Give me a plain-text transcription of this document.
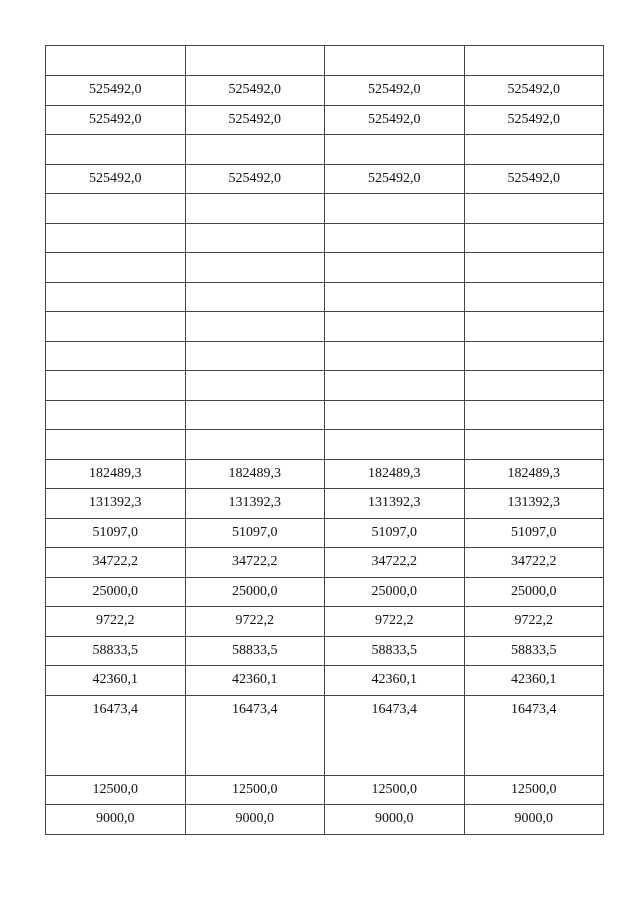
525492,0	525492,0	525492,0	525492,0
525492,0	525492,0	525492,0	525492,0

525492,0	525492,0	525492,0	525492,0

182489,3	182489,3	182489,3	182489,3
131392,3	131392,3	131392,3	131392,3
51097,0	51097,0	51097,0	51097,0
34722,2	34722,2	34722,2	34722,2
25000,0	25000,0	25000,0	25000,0
9722,2	9722,2	9722,2	9722,2
58833,5	58833,5	58833,5	58833,5
42360,1	42360,1	42360,1	42360,1
16473,4	16473,4	16473,4	16473,4
12500,0	12500,0	12500,0	12500,0
9000,0	9000,0	9000,0	9000,0
